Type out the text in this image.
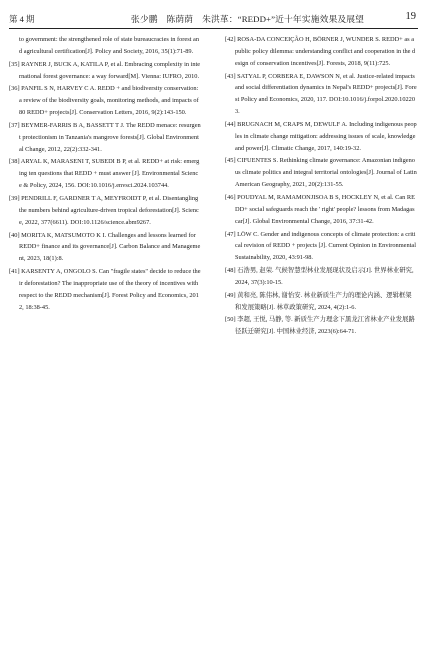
第 4 期	张少鹏　陈荫荫　朱洪革：“REDD+”近十年实施效果及展望	19

to government: the strengthened role of state bureaucracies in forest and agricultural certification[J]. Policy and Society, 2016, 35(1):71-89.

[35] RAYNER J, BUCK A, KATILA P, et al. Embracing complexity in international forest governance: a way forward[M]. Vienna: IUFRO, 2010.

[36] PANFIL S N, HARVEY C A. REDD + and biodiversity conservation: a review of the biodiversity goals, monitoring methods, and impacts of 80 REDD+ projects[J]. Conservation Letters, 2016, 9(2):143-150.

[37] BEYMER-FARRIS B A, BASSETT T J. The REDD menace: resurgent protectionism in Tanzania's mangrove forests[J]. Global Environmental Change, 2012, 22(2):332-341.

[38] ARYAL K, MARASENI T, SUBEDI B P, et al. REDD+ at risk: emerging ten questions that REDD + must answer [J]. Environmental Science & Policy, 2024, 156. DOI:10.1016/j.envsci.2024.103744.

[39] PENDRILL F, GARDNER T A, MEYFROIDT P, et al. Disentangling the numbers behind agriculture-driven tropical deforestation[J]. Science, 2022, 377(6611). DOI:10.1126/science.abm9267.

[40] MORITA K, MATSUMOTO K I. Challenges and lessons learned for REDD+ finance and its governance[J]. Carbon Balance and Management, 2023, 18(1):8.

[41] KARSENTY A, ONGOLO S. Can "fragile states" decide to reduce their deforestation? The inappropriate use of the theory of incentives with respect to the REDD mechanism[J]. Forest Policy and Economics, 2012, 18:38-45.

[42] ROSA-DA CONCEIÇÃO H, BÖRNER J, WUNDER S. REDD+ as a public policy dilemma: understanding conflict and cooperation in the design of conservation incentives[J]. Forests, 2018, 9(11):725.

[43] SATYAL P, CORBERA E, DAWSON N, et al. Justice-related impacts and social differentiation dynamics in Nepal's REDD+ projects[J]. Forest Policy and Economics, 2020, 117. DOI:10.1016/j.forpol.2020.102203.

[44] BRUGNACH M, CRAPS M, DEWULF A. Including indigenous peoples in climate change mitigation: addressing issues of scale, knowledge and power[J]. Climatic Change, 2017, 140:19-32.

[45] CIFUENTES S. Rethinking climate governance: Amazonian indigenous climate politics and integral territorial ontologies[J]. Journal of Latin American Geography, 2021, 20(2):131-55.

[46] POUDYAL M, RAMAMONJISOA B S, HOCKLEY N, et al. Can REDD+ social safeguards reach the ' right' people? lessons from Madagascar[J]. Global Environmental Change, 2016, 37:31-42.

[47] LÖW C. Gender and indigenous concepts of climate protection: a critical revision of REDD + projects [J]. Current Opinion in Environmental Sustainability, 2020, 43:91-98.

[48] 石浩男, 赵荣. 气候智慧型林业发展现状及启示[J]. 世界林业研究, 2024, 37(3):10-15.

[49] 黄和亮, 陈伟林, 谢怡安. 林业新质生产力的理论内涵、逻辑框架和发展策略[J]. 林草政策研究, 2024, 4(2):1-6.

[50] 李超, 王悦, 马静, 等. 新质生产力理念下黑龙江省林业产业发展路径跃迁研究[J]. 中国林业经济, 2023(6):64-71.
